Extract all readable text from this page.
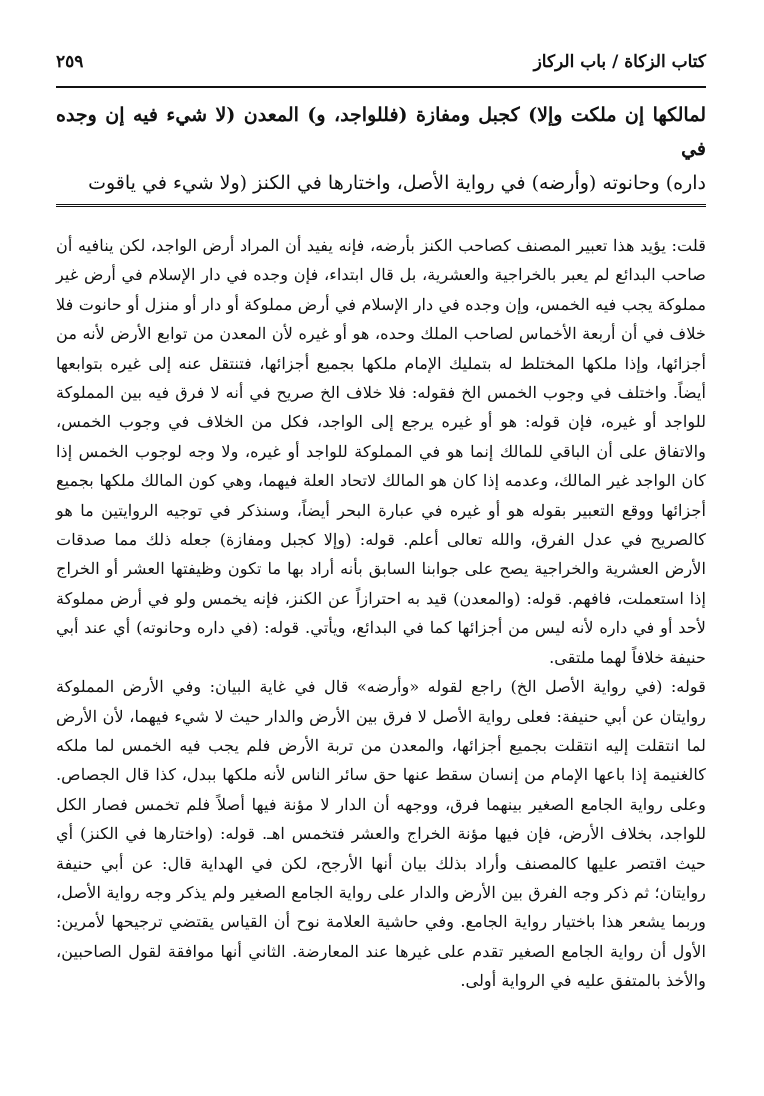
كتاب الزكاة / باب الركاز
٢٥٩

لمالكها إن ملكت وإلا) كجبل ومفازة (فللواجد، و) المعدن (لا شيء فيه إن وجده في

داره) وحانوته (وأرضه) في رواية الأصل، واختارها في الكنز (ولا شيء في ياقوت

قلت: يؤيد هذا تعبير المصنف كصاحب الكنز بأرضه، فإنه يفيد أن المراد أرض الواجد، لكن ينافيه أن صاحب البدائع لم يعبر بالخراجية والعشرية، بل قال ابتداء، فإن وجده في دار الإسلام في أرض غير مملوكة يجب فيه الخمس، وإن وجده في دار الإسلام في أرض مملوكة أو دار أو منزل أو حانوت فلا خلاف في أن أربعة الأخماس لصاحب الملك وحده، هو أو غيره لأن المعدن من توابع الأرض لأنه من أجزائها، وإذا ملكها المختلط له بتمليك الإمام ملكها بجميع أجزائها، فتنتقل عنه إلى غيره بتوابعها أيضاً. واختلف في وجوب الخمس الخ فقوله: فلا خلاف الخ صريح في أنه لا فرق فيه بين المملوكة للواجد أو غيره، فإن قوله: هو أو غيره يرجع إلى الواجد، فكل من الخلاف في وجوب الخمس، والاتفاق على أن الباقي للمالك إنما هو في المملوكة للواجد أو غيره، ولا وجه لوجوب الخمس إذا كان الواجد غير المالك، وعدمه إذا كان هو المالك لاتحاد العلة فيهما، وهي كون المالك ملكها بجميع أجزائها ووقع التعبير بقوله هو أو غيره في عبارة البحر أيضاً، وسنذكر في توجيه الروايتين ما هو كالصريح في عدل الفرق، والله تعالى أعلم. قوله: (وإلا كجبل ومفازة) جعله ذلك مما صدقات الأرض العشرية والخراجية يصح على جوابنا السابق بأنه أراد بها ما تكون وظيفتها العشر أو الخراج إذا استعملت، فافهم. قوله: (والمعدن) قيد به احترازاً عن الكنز، فإنه يخمس ولو في أرض مملوكة لأحد أو في داره لأنه ليس من أجزائها كما في البدائع، ويأتي. قوله: (في داره وحانوته) أي عند أبي حنيفة خلافاً لهما ملتقى.

قوله: (في رواية الأصل الخ) راجع لقوله «وأرضه» قال في غاية البيان: وفي الأرض المملوكة روايتان عن أبي حنيفة: فعلى رواية الأصل لا فرق بين الأرض والدار حيث لا شيء فيهما، لأن الأرض لما انتقلت إليه انتقلت بجميع أجزائها، والمعدن من تربة الأرض فلم يجب فيه الخمس لما ملكه كالغنيمة إذا باعها الإمام من إنسان سقط عنها حق سائر الناس لأنه ملكها ببدل، كذا قال الجصاص. وعلى رواية الجامع الصغير بينهما فرق، ووجهه أن الدار لا مؤنة فيها أصلاً فلم تخمس فصار الكل للواجد، بخلاف الأرض، فإن فيها مؤنة الخراج والعشر فتخمس اهـ. قوله: (واختارها في الكنز) أي حيث اقتصر عليها كالمصنف وأراد بذلك بيان أنها الأرجح، لكن في الهداية قال: عن أبي حنيفة روايتان؛ ثم ذكر وجه الفرق بين الأرض والدار على رواية الجامع الصغير ولم يذكر وجه رواية الأصل، وربما يشعر هذا باختيار رواية الجامع. وفي حاشية العلامة نوح أن القياس يقتضي ترجيحها لأمرين: الأول أن رواية الجامع الصغير تقدم على غيرها عند المعارضة. الثاني أنها موافقة لقول الصاحبين، والأخذ بالمتفق عليه في الرواية أولى.
